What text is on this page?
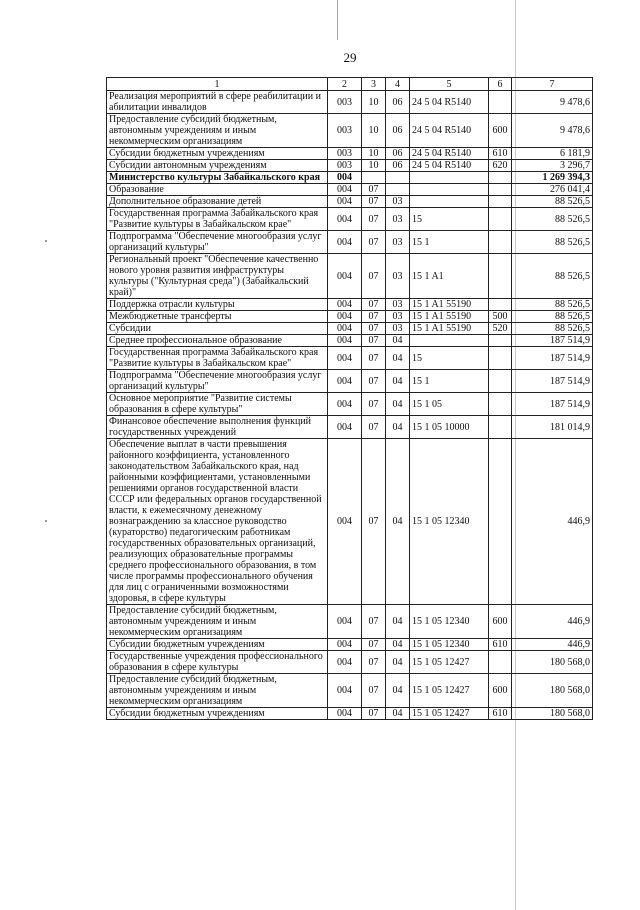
29
1	2	3	4	5	6	7
Реализация мероприятий в сфере реабилитации и абилитации инвалидов	003	10	06	24 5 04 R5140		9 478,6
Предоставление субсидий бюджетным, автономным учреждениям и иным некоммерческим организациям	003	10	06	24 5 04 R5140	600	9 478,6
Субсидии бюджетным учреждениям	003	10	06	24 5 04 R5140	610	6 181,9
Субсидии автономным учреждениям	003	10	06	24 5 04 R5140	620	3 296,7
Министерство культуры Забайкальского края	004					1 269 394,3
Образование	004	07				276 041,4
Дополнительное образование детей	004	07	03			88 526,5
Государственная программа Забайкальского края "Развитие культуры в Забайкальском крае"	004	07	03	15		88 526,5
Подпрограмма "Обеспечение многообразия услуг организаций культуры"	004	07	03	15 1		88 526,5
Региональный проект "Обеспечение качественно нового уровня развития инфраструктуры культуры ("Культурная среда") (Забайкальский край)"	004	07	03	15 1 A1		88 526,5
Поддержка отрасли культуры	004	07	03	15 1 A1 55190		88 526,5
Межбюджетные трансферты	004	07	03	15 1 A1 55190	500	88 526,5
Субсидии	004	07	03	15 1 A1 55190	520	88 526,5
Среднее профессиональное образование	004	07	04			187 514,9
Государственная программа Забайкальского края "Развитие культуры в Забайкальском крае"	004	07	04	15		187 514,9
Подпрограмма "Обеспечение многообразия услуг организаций культуры"	004	07	04	15 1		187 514,9
Основное мероприятие "Развитие системы образования в сфере культуры"	004	07	04	15 1 05		187 514,9
Финансовое обеспечение выполнения функций государственных учреждений	004	07	04	15 1 05 10000		181 014,9
Обеспечение выплат в части превышения районного коэффициента, установленного законодательством Забайкальского края, над районными коэффициентами, установленными решениями органов государственной власти СССР или федеральных органов государственной власти, к ежемесячному денежному вознаграждению за классное руководство (кураторство) педагогическим работникам государственных образовательных организаций, реализующих образовательные программы среднего профессионального образования, в том числе программы профессионального обучения для лиц с ограниченными возможностями здоровья, в сфере культуры	004	07	04	15 1 05 12340		446,9
Предоставление субсидий бюджетным, автономным учреждениям и иным некоммерческим организациям	004	07	04	15 1 05 12340	600	446,9
Субсидии бюджетным учреждениям	004	07	04	15 1 05 12340	610	446,9
Государственные учреждения профессионального образования в сфере культуры	004	07	04	15 1 05 12427		180 568,0
Предоставление субсидий бюджетным, автономным учреждениям и иным некоммерческим организациям	004	07	04	15 1 05 12427	600	180 568,0
Субсидии бюджетным учреждениям	004	07	04	15 1 05 12427	610	180 568,0
